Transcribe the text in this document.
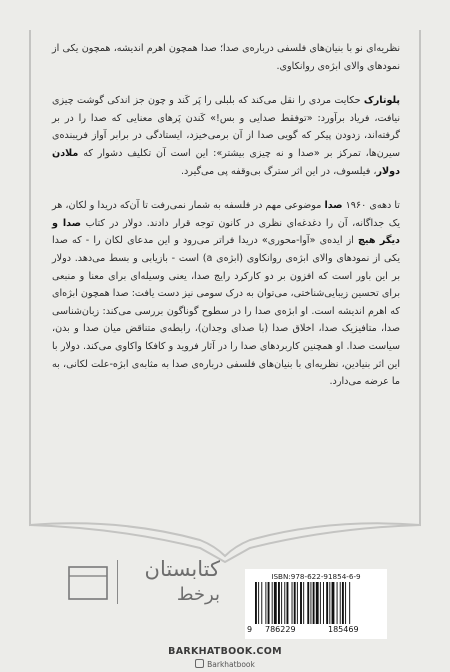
نظریه‌ای نو با بنیان‌های فلسفی درباره‌ی صدا؛ صدا همچون اهرم اندیشه، همچون یکی از نمودهای والای ابژه‌ی روانکاوی.

پلوتارک حکایت مردی را نقل می‌کند که بلبلی را پَر کَند و چون جز اندکی گوشت چیزی نیافت، فریاد برآورد: «توفقط صدایی و بس!» کَندن پَرهای معنایی که صدا را در بر گرفته‌اند، زدودن پیکر که گویی صدا از آن برمی‌خیزد، ایستادگی در برابر آواز فریبنده‌ی سیرن‌ها، تمرکز بر «صدا و نه چیزی بیشتر»: این است آن تکلیف دشوار که ملادن دولار، فیلسوف، در این اثر سترگ بی‌وقفه پی می‌گیرد.

تا دهه‌ی ۱۹۶۰ صدا موضوعی مهم در فلسفه به شمار نمی‌رفت تا آن‌که دریدا و لکان، هر یک جداگانه، آن را دغدغه‌ای نظری در کانون توجه قرار دادند. دولار در کتاب صدا و دیگر هیچ از ایده‌ی «آوا-محوری» دریدا فراتر می‌رود و این مدعای لکان را - که صدا یکی از نمودهای والای ابژه‌ی روانکاوی (ابژه‌ی a) است - بازیابی و بسط می‌دهد. دولار بر این باور است که افزون بر دو کارکرد رایج صدا، یعنی وسیله‌ای برای معنا و منبعی برای تحسین زیبایی‌شناختی، می‌توان به درک سومی نیز دست یافت: صدا همچون ابژه‌ای که اهرم اندیشه است. او ابژه‌ی صدا را در سطوح گوناگون بررسی می‌کند: زبان‌شناسی صدا، متافیزیک صدا، اخلاق صدا (با صدای وجدان)، رابطه‌ی متناقض میان صدا و بدن، سیاست صدا. او همچنین کاربردهای صدا را در آثار فروید و کافکا واکاوی می‌کند. دولار با این اثر بنیادین، نظریه‌ای با بنیان‌های فلسفی درباره‌ی صدا به مثابه‌ی ابژه-علت لکانی، به ما عرضه می‌دارد.

کتابستان
برخط
ISBN:978-622-91854-6-9
9 786229	185469
BARKHATBOOK.COM
Barkhatbook
